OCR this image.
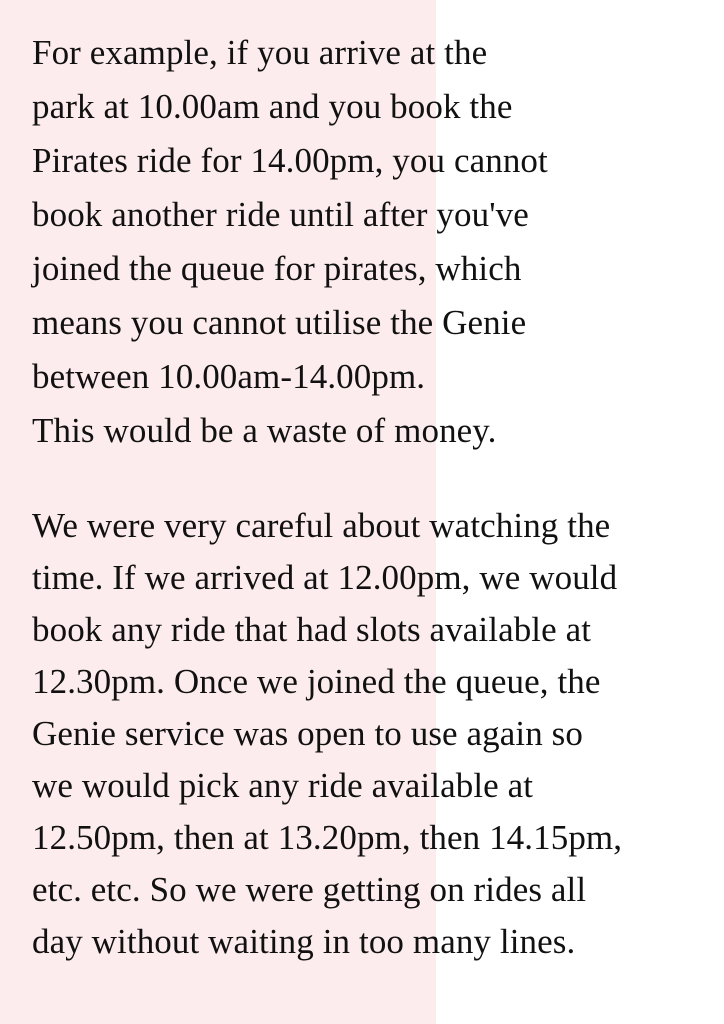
For example, if you arrive at the
park at 10.00am and you book the
Pirates ride for 14.00pm, you cannot
book another ride until after you've
joined the queue for pirates, which
means you cannot utilise the Genie
between 10.00am-14.00pm.
This would be a waste of money.
We were very careful about watching the
time. If we arrived at 12.00pm, we would
book any ride that had slots available at
12.30pm. Once we joined the queue, the
Genie service was open to use again so
we would pick any ride available at
12.50pm, then at 13.20pm, then 14.15pm,
etc. etc. So we were getting on rides all
day without waiting in too many lines.
